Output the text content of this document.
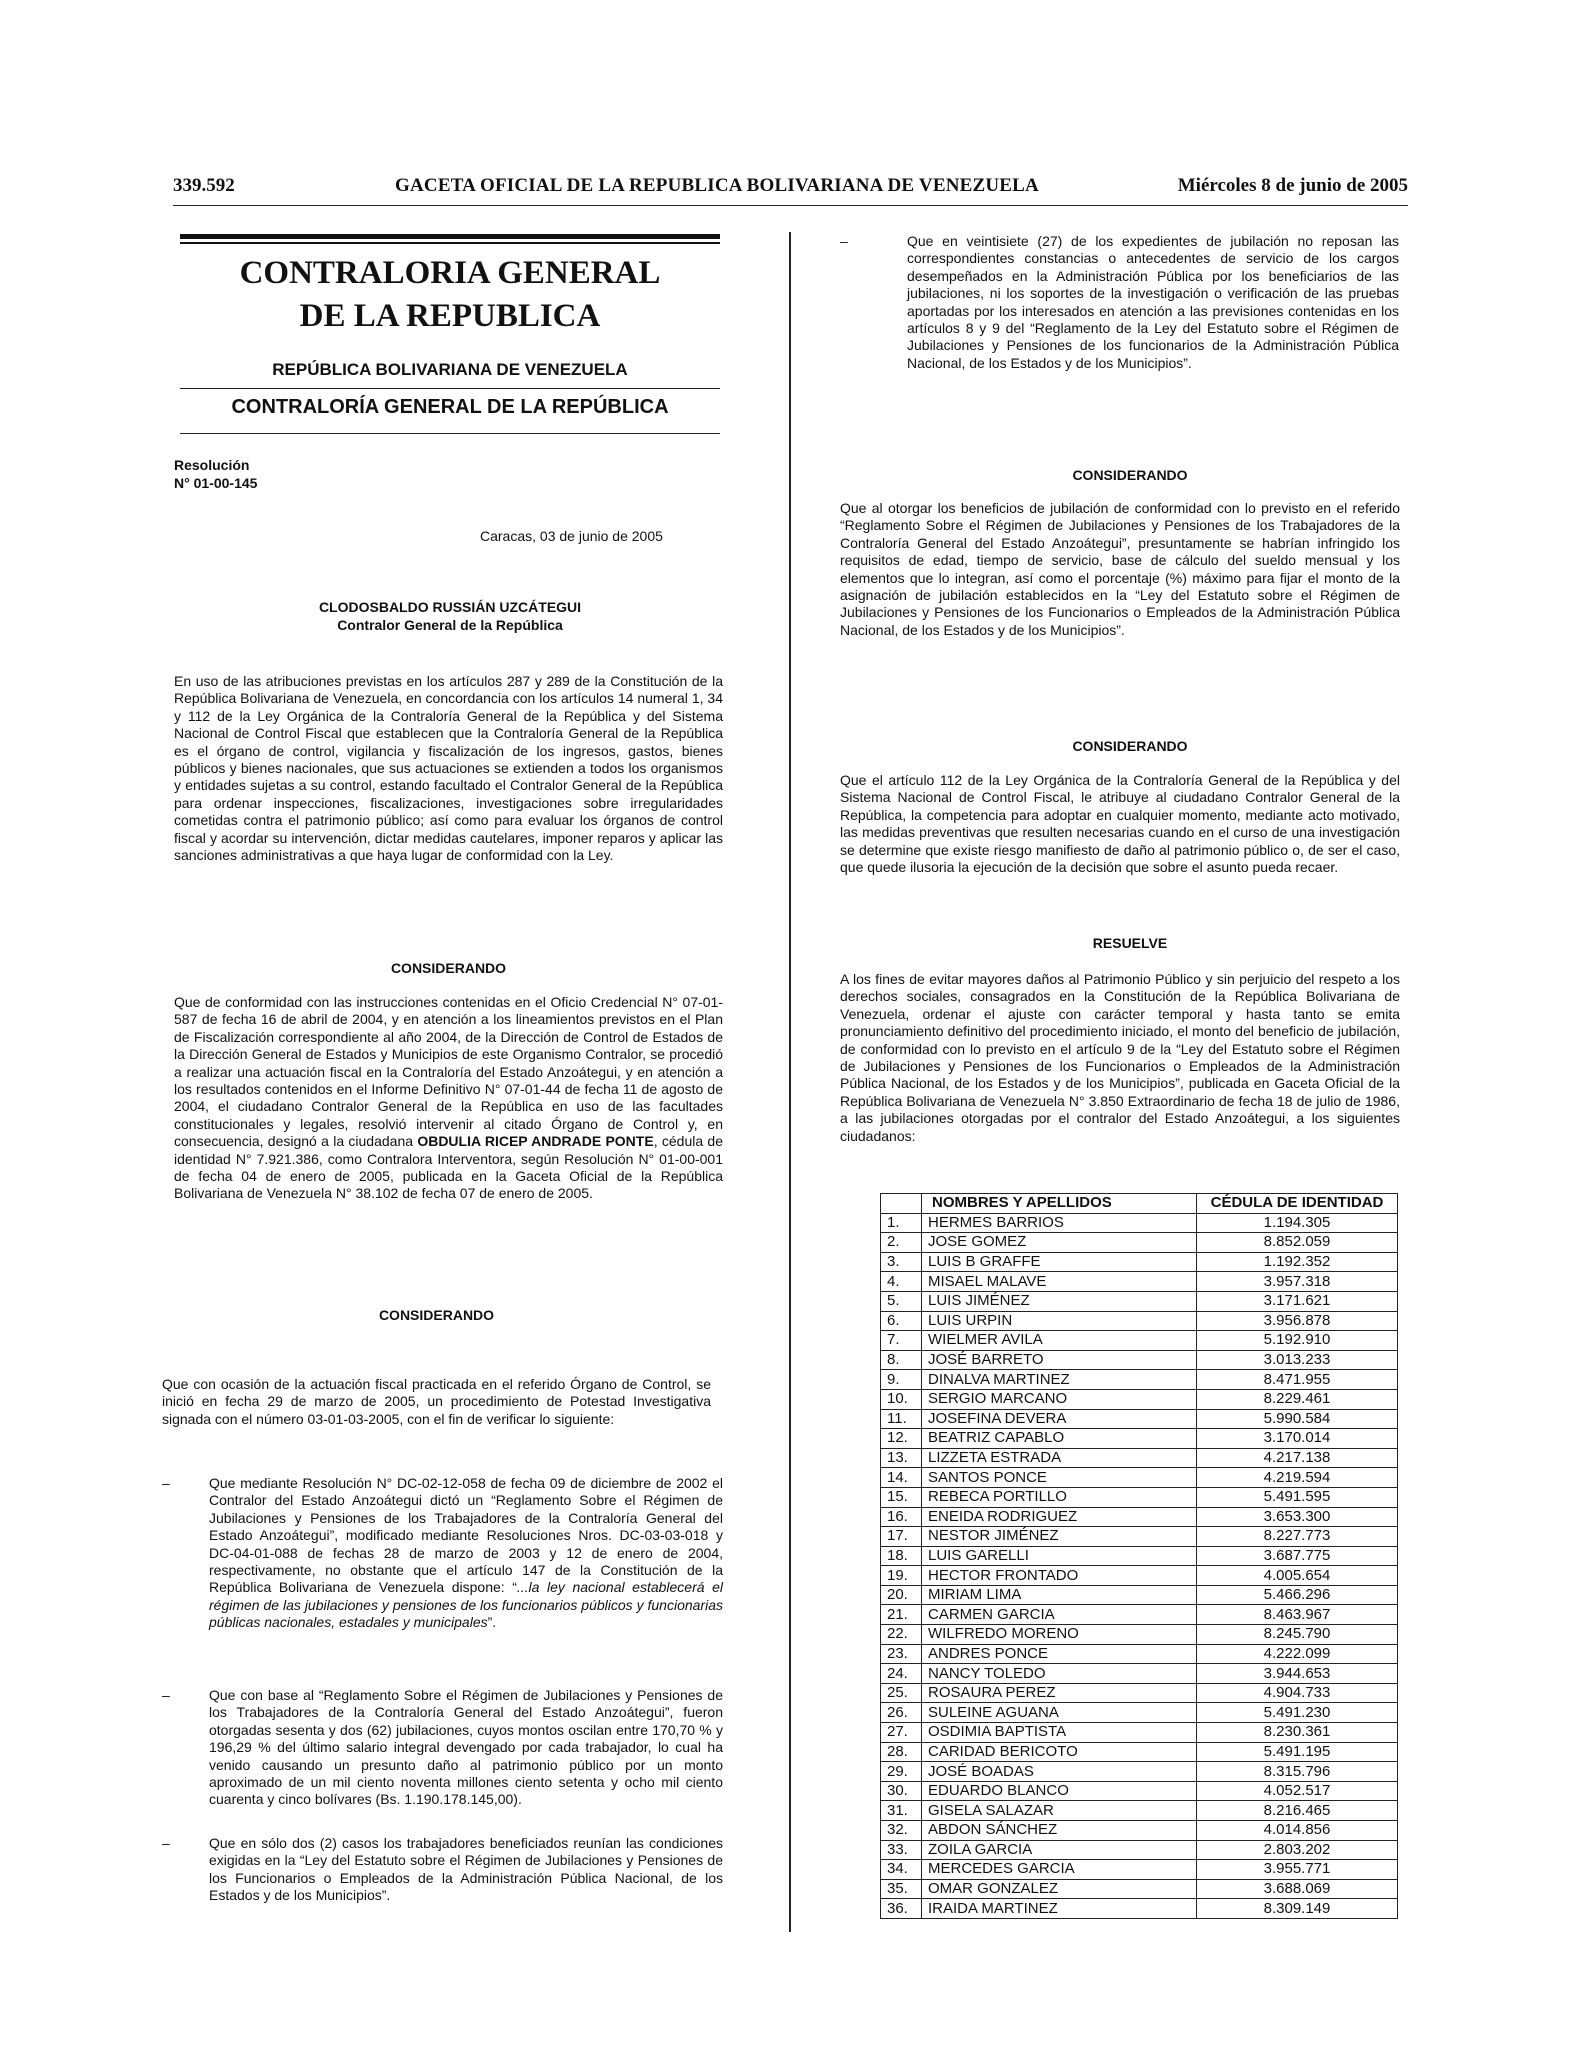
339.592	GACETA OFICIAL DE LA REPUBLICA BOLIVARIANA DE VENEZUELA	Miércoles 8 de junio de 2005
CONTRALORIA GENERAL
DE LA REPUBLICA
REPÚBLICA BOLIVARIANA DE VENEZUELA
CONTRALORÍA GENERAL DE LA REPÚBLICA
Resolución
N° 01-00-145
Caracas, 03 de junio de 2005
CLODOSBALDO RUSSIÁN UZCÁTEGUI
Contralor General de la República

En uso de las atribuciones previstas en los artículos 287 y 289 de la Constitución de la República Bolivariana de Venezuela, en concordancia con los artículos 14 numeral 1, 34 y 112 de la Ley Orgánica de la Contraloría General de la República y del Sistema Nacional de Control Fiscal que establecen que la Contraloría General de la República es el órgano de control, vigilancia y fiscalización de los ingresos, gastos, bienes públicos y bienes nacionales, que sus actuaciones se extienden a todos los organismos y entidades sujetas a su control, estando facultado el Contralor General de la República para ordenar inspecciones, fiscalizaciones, investigaciones sobre irregularidades cometidas contra el patrimonio público; así como para evaluar los órganos de control fiscal y acordar su intervención, dictar medidas cautelares, imponer reparos y aplicar las sanciones administrativas a que haya lugar de conformidad con la Ley.

CONSIDERANDO

Que de conformidad con las instrucciones contenidas en el Oficio Credencial N° 07-01-587 de fecha 16 de abril de 2004, y en atención a los lineamientos previstos en el Plan de Fiscalización correspondiente al año 2004, de la Dirección de Control de Estados de la Dirección General de Estados y Municipios de este Organismo Contralor, se procedió a realizar una actuación fiscal en la Contraloría del Estado Anzoátegui, y en atención a los resultados contenidos en el Informe Definitivo N° 07-01-44 de fecha 11 de agosto de 2004, el ciudadano Contralor General de la República en uso de las facultades constitucionales y legales, resolvió intervenir al citado Órgano de Control y, en consecuencia, designó a la ciudadana OBDULIA RICEP ANDRADE PONTE, cédula de identidad N° 7.921.386, como Contralora Interventora, según Resolución N° 01-00-001 de fecha 04 de enero de 2005, publicada en la Gaceta Oficial de la República Bolivariana de Venezuela N° 38.102 de fecha 07 de enero de 2005.

CONSIDERANDO

Que con ocasión de la actuación fiscal practicada en el referido Órgano de Control, se inició en fecha 29 de marzo de 2005, un procedimiento de Potestad Investigativa signada con el número 03-01-03-2005, con el fin de verificar lo siguiente:

–	Que mediante Resolución N° DC-02-12-058 de fecha 09 de diciembre de 2002 el Contralor del Estado Anzoátegui dictó un “Reglamento Sobre el Régimen de Jubilaciones y Pensiones de los Trabajadores de la Contraloría General del Estado Anzoátegui”, modificado mediante Resoluciones Nros. DC-03-03-018 y DC-04-01-088 de fechas 28 de marzo de 2003 y 12 de enero de 2004, respectivamente, no obstante que el artículo 147 de la Constitución de la República Bolivariana de Venezuela dispone: “...la ley nacional establecerá el régimen de las jubilaciones y pensiones de los funcionarios públicos y funcionarias públicas nacionales, estadales y municipales”.

–	Que con base al “Reglamento Sobre el Régimen de Jubilaciones y Pensiones de los Trabajadores de la Contraloría General del Estado Anzoátegui”, fueron otorgadas sesenta y dos (62) jubilaciones, cuyos montos oscilan entre 170,70 % y 196,29 % del último salario integral devengado por cada trabajador, lo cual ha venido causando un presunto daño al patrimonio público por un monto aproximado de un mil ciento noventa millones ciento setenta y ocho mil ciento cuarenta y cinco bolívares (Bs. 1.190.178.145,00).

–	Que en sólo dos (2) casos los trabajadores beneficiados reunían las condiciones exigidas en la “Ley del Estatuto sobre el Régimen de Jubilaciones y Pensiones de los Funcionarios o Empleados de la Administración Pública Nacional, de los Estados y de los Municipios”.

–	Que en veintisiete (27) de los expedientes de jubilación no reposan las correspondientes constancias o antecedentes de servicio de los cargos desempeñados en la Administración Pública por los beneficiarios de las jubilaciones, ni los soportes de la investigación o verificación de las pruebas aportadas por los interesados en atención a las previsiones contenidas en los artículos 8 y 9 del “Reglamento de la Ley del Estatuto sobre el Régimen de Jubilaciones y Pensiones de los funcionarios de la Administración Pública Nacional, de los Estados y de los Municipios”.

CONSIDERANDO

Que al otorgar los beneficios de jubilación de conformidad con lo previsto en el referido “Reglamento Sobre el Régimen de Jubilaciones y Pensiones de los Trabajadores de la Contraloría General del Estado Anzoátegui”, presuntamente se habrían infringido los requisitos de edad, tiempo de servicio, base de cálculo del sueldo mensual y los elementos que lo integran, así como el porcentaje (%) máximo para fijar el monto de la asignación de jubilación establecidos en la “Ley del Estatuto sobre el Régimen de Jubilaciones y Pensiones de los Funcionarios o Empleados de la Administración Pública Nacional, de los Estados y de los Municipios”.

CONSIDERANDO

Que el artículo 112 de la Ley Orgánica de la Contraloría General de la República y del Sistema Nacional de Control Fiscal, le atribuye al ciudadano Contralor General de la República, la competencia para adoptar en cualquier momento, mediante acto motivado, las medidas preventivas que resulten necesarias cuando en el curso de una investigación se determine que existe riesgo manifiesto de daño al patrimonio público o, de ser el caso, que quede ilusoria la ejecución de la decisión que sobre el asunto pueda recaer.

RESUELVE

A los fines de evitar mayores daños al Patrimonio Público y sin perjuicio del respeto a los derechos sociales, consagrados en la Constitución de la República Bolivariana de Venezuela, ordenar el ajuste con carácter temporal y hasta tanto se emita pronunciamiento definitivo del procedimiento iniciado, el monto del beneficio de jubilación, de conformidad con lo previsto en el artículo 9 de la “Ley del Estatuto sobre el Régimen de Jubilaciones y Pensiones de los Funcionarios o Empleados de la Administración Pública Nacional, de los Estados y de los Municipios”, publicada en Gaceta Oficial de la República Bolivariana de Venezuela N° 3.850 Extraordinario de fecha 18 de julio de 1986, a las jubilaciones otorgadas por el contralor del Estado Anzoátegui, a los siguientes ciudadanos:

	NOMBRES Y APELLIDOS	CÉDULA DE IDENTIDAD
1.	HERMES BARRIOS	1.194.305
2.	JOSE GOMEZ	8.852.059
3.	LUIS B GRAFFE	1.192.352
4.	MISAEL MALAVE	3.957.318
5.	LUIS JIMÉNEZ	3.171.621
6.	LUIS URPIN	3.956.878
7.	WIELMER AVILA	5.192.910
8.	JOSÉ BARRETO	3.013.233
9.	DINALVA MARTINEZ	8.471.955
10.	SERGIO MARCANO	8.229.461
11.	JOSEFINA DEVERA	5.990.584
12.	BEATRIZ CAPABLO	3.170.014
13.	LIZZETA ESTRADA	4.217.138
14.	SANTOS PONCE	4.219.594
15.	REBECA PORTILLO	5.491.595
16.	ENEIDA RODRIGUEZ	3.653.300
17.	NESTOR JIMÉNEZ	8.227.773
18.	LUIS GARELLI	3.687.775
19.	HECTOR FRONTADO	4.005.654
20.	MIRIAM LIMA	5.466.296
21.	CARMEN GARCIA	8.463.967
22.	WILFREDO MORENO	8.245.790
23.	ANDRES PONCE	4.222.099
24.	NANCY TOLEDO	3.944.653
25.	ROSAURA PEREZ	4.904.733
26.	SULEINE AGUANA	5.491.230
27.	OSDIMIA BAPTISTA	8.230.361
28.	CARIDAD BERICOTO	5.491.195
29.	JOSÉ BOADAS	8.315.796
30.	EDUARDO BLANCO	4.052.517
31.	GISELA SALAZAR	8.216.465
32.	ABDON SÁNCHEZ	4.014.856
33.	ZOILA GARCIA	2.803.202
34.	MERCEDES GARCIA	3.955.771
35.	OMAR GONZALEZ	3.688.069
36.	IRAIDA MARTINEZ	8.309.149
